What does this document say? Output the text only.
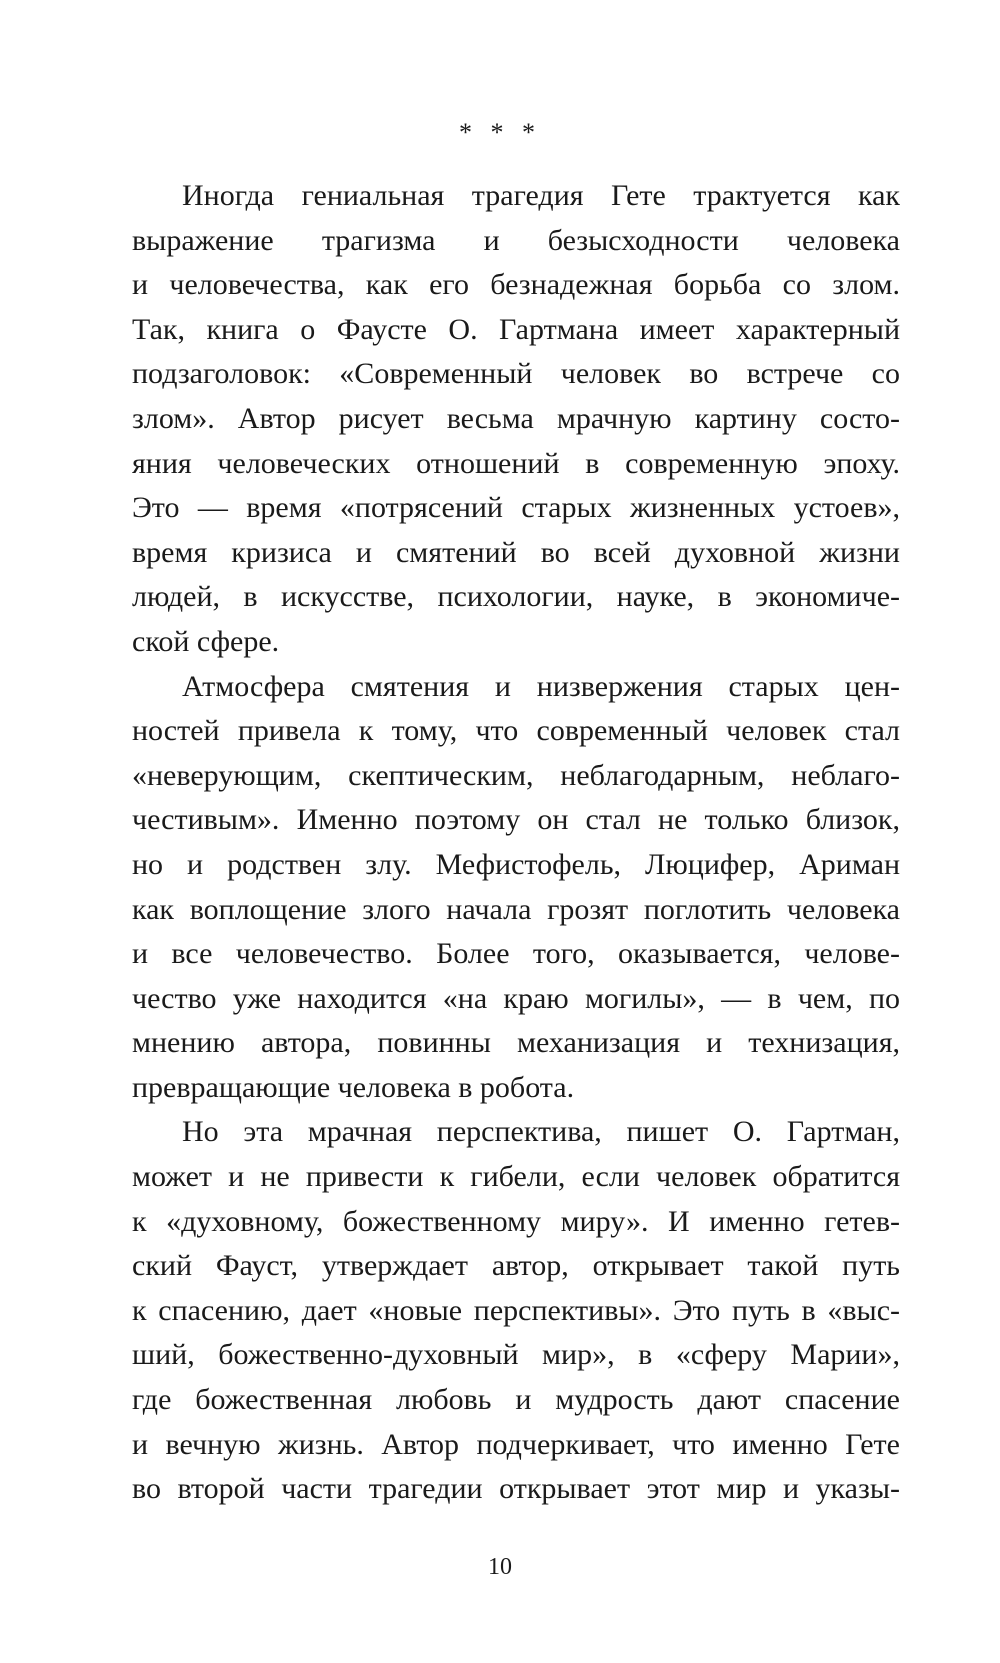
* * *
Иногда гениальная трагедия Гете трактуется как
выражение трагизма и безысходности человека
и человечества, как его безнадежная борьба со злом.
Так, книга о Фаусте О. Гартмана имеет характерный
подзаголовок: «Современный человек во встрече со
злом». Автор рисует весьма мрачную картину состо-
яния человеческих отношений в современную эпоху.
Это — время «потрясений старых жизненных устоев»,
время кризиса и смятений во всей духовной жизни
людей, в искусстве, психологии, науке, в экономиче-
ской сфере.
Атмосфера смятения и низвержения старых цен-
ностей привела к тому, что современный человек стал
«неверующим, скептическим, неблагодарным, неблаго-
честивым». Именно поэтому он стал не только близок,
но и родствен злу. Мефистофель, Люцифер, Ариман
как воплощение злого начала грозят поглотить человека
и все человечество. Более того, оказывается, челове-
чество уже находится «на краю могилы», — в чем, по
мнению автора, повинны механизация и технизация,
превращающие человека в робота.
Но эта мрачная перспектива, пишет О. Гартман,
может и не привести к гибели, если человек обратится
к «духовному, божественному миру». И именно гетев-
ский Фауст, утверждает автор, открывает такой путь
к спасению, дает «новые перспективы». Это путь в «выс-
ший, божественно-духовный мир», в «сферу Марии»,
где божественная любовь и мудрость дают спасение
и вечную жизнь. Автор подчеркивает, что именно Гете
во второй части трагедии открывает этот мир и указы-
10
